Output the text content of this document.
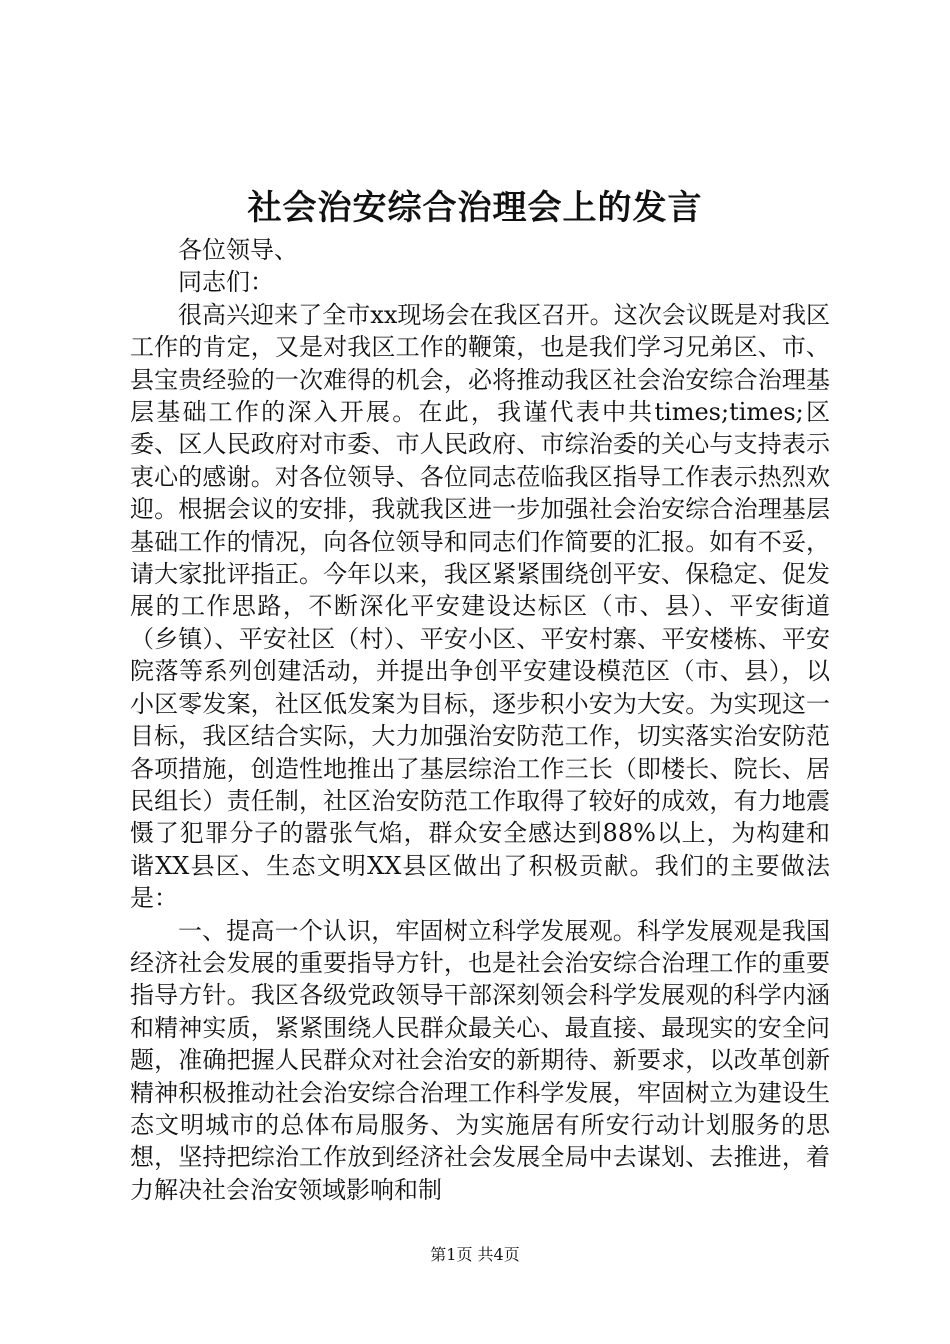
社会治安综合治理会上的发言

各位领导、

同志们：

很高兴迎来了全市xx现场会在我区召开。这次会议既是对我区工作的肯定，又是对我区工作的鞭策，也是我们学习兄弟区、市、县宝贵经验的一次难得的机会，必将推动我区社会治安综合治理基层基础工作的深入开展。在此，我谨代表中共times;times;区委、区人民政府对市委、市人民政府、市综治委的关心与支持表示衷心的感谢。对各位领导、各位同志莅临我区指导工作表示热烈欢迎。根据会议的安排，我就我区进一步加强社会治安综合治理基层基础工作的情况，向各位领导和同志们作简要的汇报。如有不妥，请大家批评指正。今年以来，我区紧紧围绕创平安、保稳定、促发展的工作思路，不断深化平安建设达标区（市、县）、平安街道（乡镇）、平安社区（村）、平安小区、平安村寨、平安楼栋、平安院落等系列创建活动，并提出争创平安建设模范区（市、县），以小区零发案，社区低发案为目标，逐步积小安为大安。为实现这一目标，我区结合实际，大力加强治安防范工作，切实落实治安防范各项措施，创造性地推出了基层综治工作三长（即楼长、院长、居民组长）责任制，社区治安防范工作取得了较好的成效，有力地震慑了犯罪分子的嚣张气焰，群众安全感达到88%以上，为构建和谐XX县区、生态文明XX县区做出了积极贡献。我们的主要做法是：

一、提高一个认识，牢固树立科学发展观。科学发展观是我国经济社会发展的重要指导方针，也是社会治安综合治理工作的重要指导方针。我区各级党政领导干部深刻领会科学发展观的科学内涵和精神实质，紧紧围绕人民群众最关心、最直接、最现实的安全问题，准确把握人民群众对社会治安的新期待、新要求，以改革创新精神积极推动社会治安综合治理工作科学发展，牢固树立为建设生态文明城市的总体布局服务、为实施居有所安行动计划服务的思想，坚持把综治工作放到经济社会发展全局中去谋划、去推进，着力解决社会治安领域影响和制

第1页 共4页
